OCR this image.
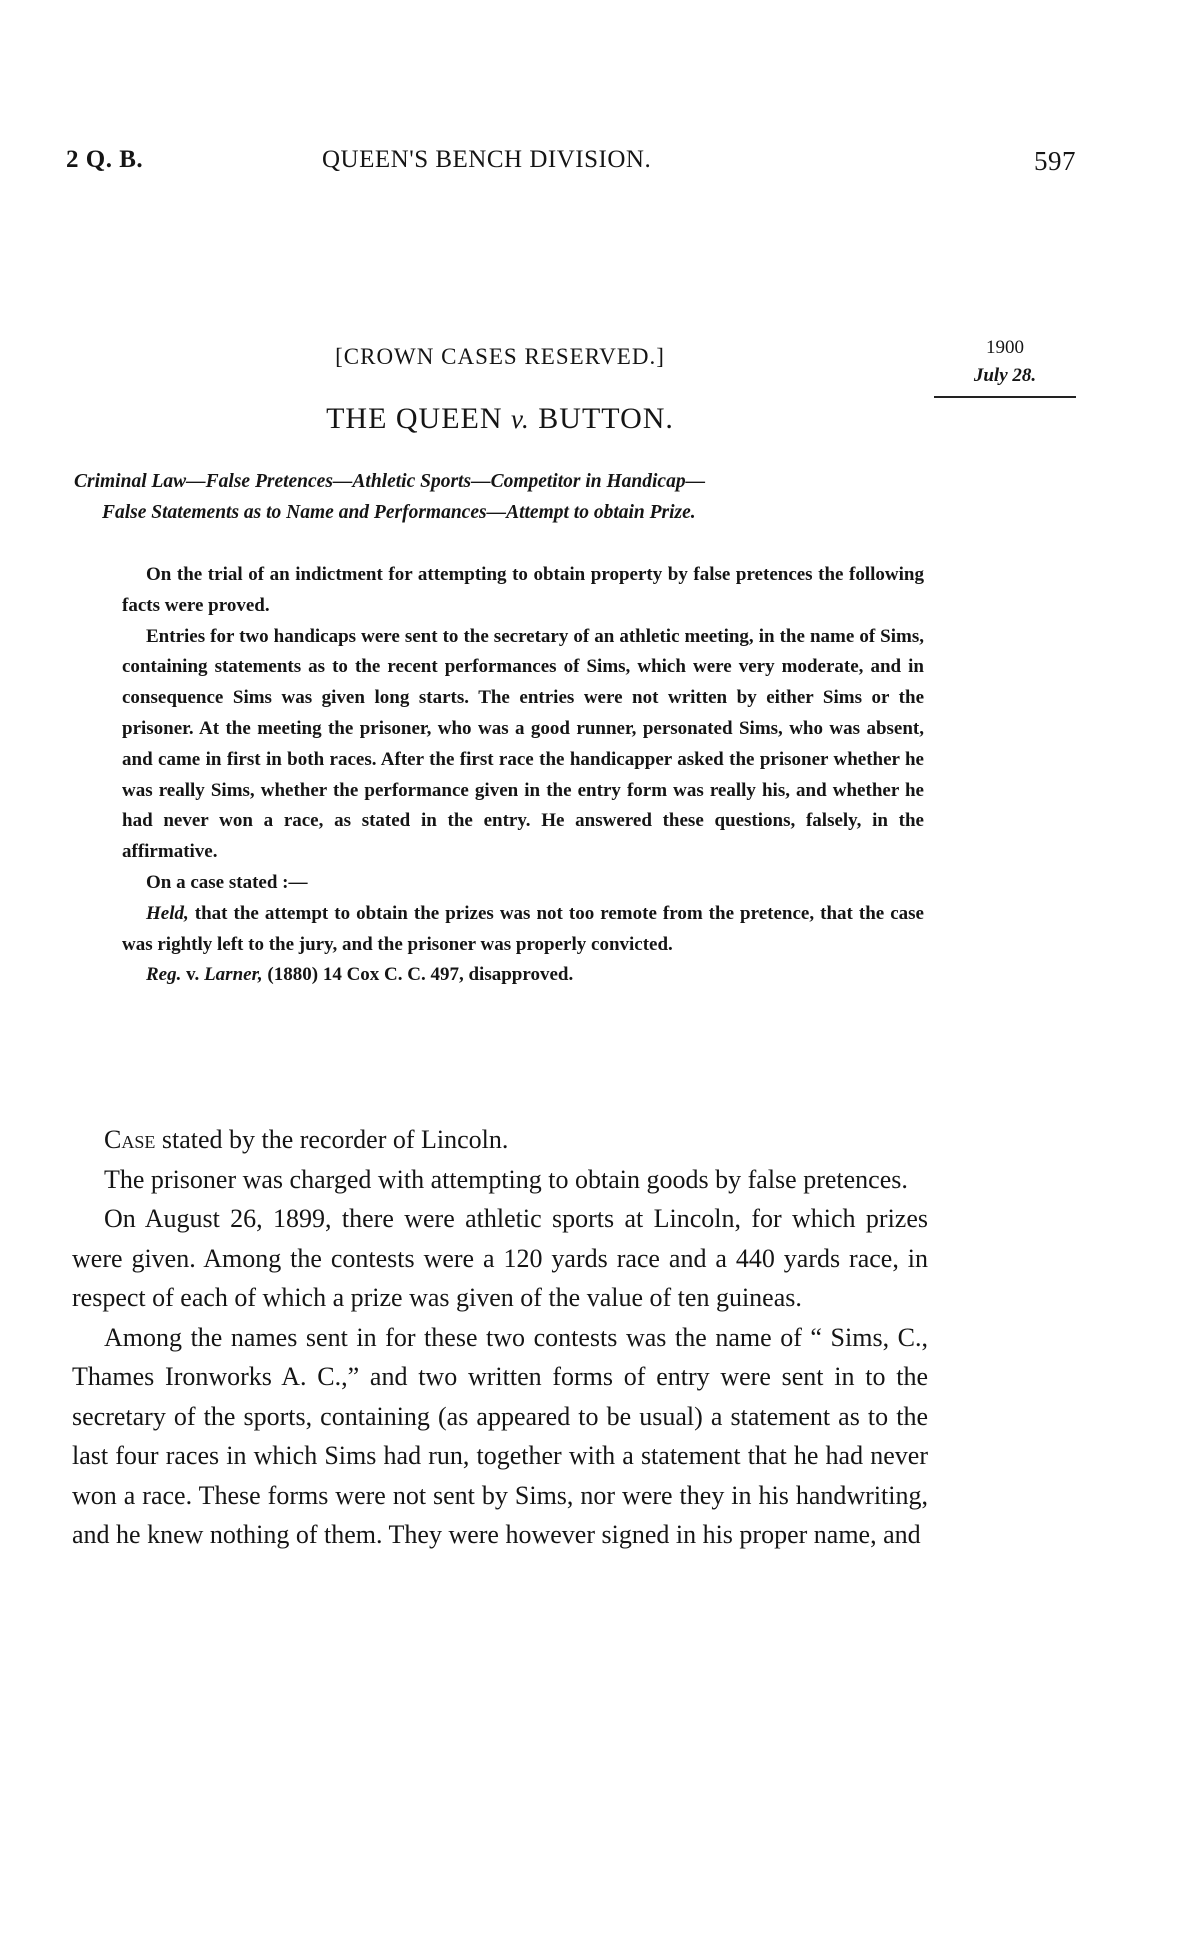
2 Q. B.	QUEEN'S BENCH DIVISION.	597
1900
July 28.
[CROWN CASES RESERVED.]
THE QUEEN v. BUTTON.
Criminal Law—False Pretences—Athletic Sports—Competitor in Handicap—
False Statements as to Name and Performances—Attempt to obtain Prize.

On the trial of an indictment for attempting to obtain property by false pretences the following facts were proved.

Entries for two handicaps were sent to the secretary of an athletic meeting, in the name of Sims, containing statements as to the recent performances of Sims, which were very moderate, and in consequence Sims was given long starts. The entries were not written by either Sims or the prisoner. At the meeting the prisoner, who was a good runner, personated Sims, who was absent, and came in first in both races. After the first race the handicapper asked the prisoner whether he was really Sims, whether the performance given in the entry form was really his, and whether he had never won a race, as stated in the entry. He answered these questions, falsely, in the affirmative.

On a case stated :—

Held, that the attempt to obtain the prizes was not too remote from the pretence, that the case was rightly left to the jury, and the prisoner was properly convicted.

Reg. v. Larner, (1880) 14 Cox C. C. 497, disapproved.

Case stated by the recorder of Lincoln.

The prisoner was charged with attempting to obtain goods by false pretences.

On August 26, 1899, there were athletic sports at Lincoln, for which prizes were given. Among the contests were a 120 yards race and a 440 yards race, in respect of each of which a prize was given of the value of ten guineas.

Among the names sent in for these two contests was the name of “ Sims, C., Thames Ironworks A. C.,” and two written forms of entry were sent in to the secretary of the sports, containing (as appeared to be usual) a statement as to the last four races in which Sims had run, together with a statement that he had never won a race. These forms were not sent by Sims, nor were they in his handwriting, and he knew nothing of them. They were however signed in his proper name, and
